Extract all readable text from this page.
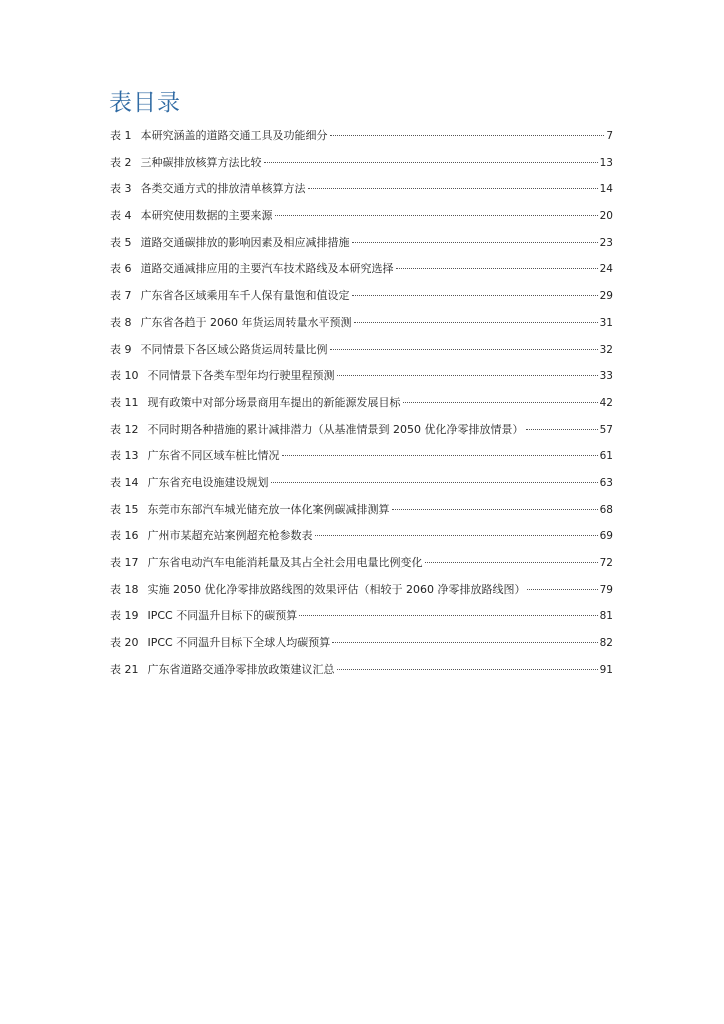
表目录
表 1 本研究涵盖的道路交通工具及功能细分	7
表 2 三种碳排放核算方法比较	13
表 3 各类交通方式的排放清单核算方法	14
表 4 本研究使用数据的主要来源	20
表 5 道路交通碳排放的影响因素及相应减排措施	23
表 6 道路交通减排应用的主要汽车技术路线及本研究选择	24
表 7 广东省各区域乘用车千人保有量饱和值设定	29
表 8 广东省各趋于 2060 年货运周转量水平预测	31
表 9 不同情景下各区域公路货运周转量比例	32
表 10 不同情景下各类车型年均行驶里程预测	33
表 11 现有政策中对部分场景商用车提出的新能源发展目标	42
表 12 不同时期各种措施的累计减排潜力（从基准情景到 2050 优化净零排放情景）	57
表 13 广东省不同区域车桩比情况	61
表 14 广东省充电设施建设规划	63
表 15 东莞市东部汽车城光储充放一体化案例碳减排测算	68
表 16 广州市某超充站案例超充枪参数表	69
表 17 广东省电动汽车电能消耗量及其占全社会用电量比例变化	72
表 18 实施 2050 优化净零排放路线图的效果评估（相较于 2060 净零排放路线图）	79
表 19 IPCC 不同温升目标下的碳预算	81
表 20 IPCC 不同温升目标下全球人均碳预算	82
表 21 广东省道路交通净零排放政策建议汇总	91
